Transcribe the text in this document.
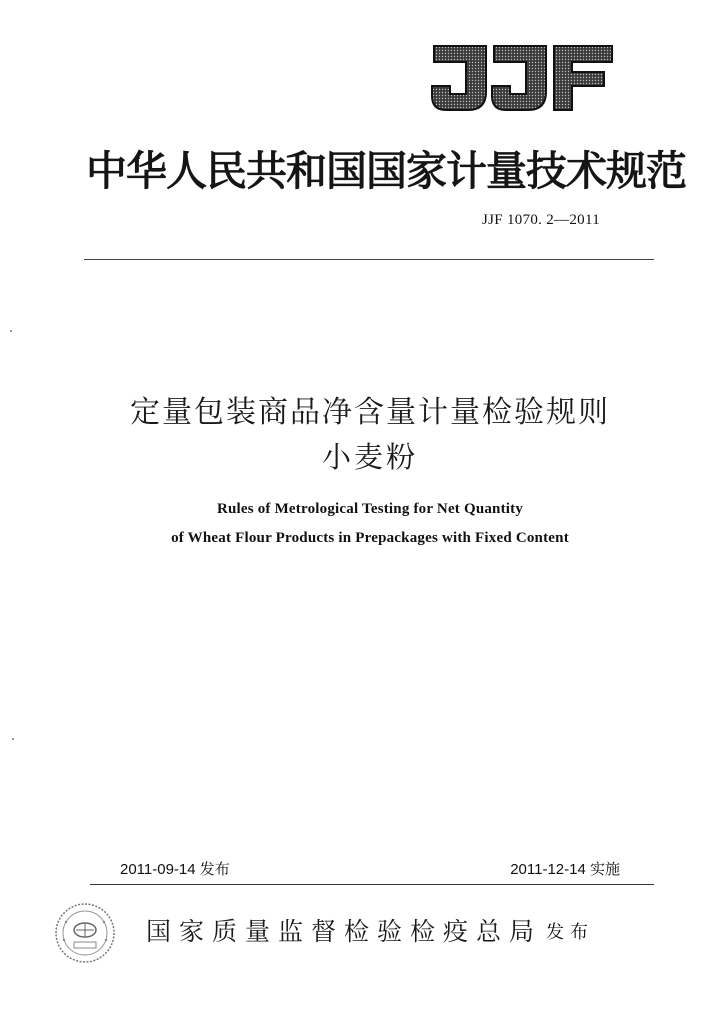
中华人民共和国国家计量技术规范
JJF 1070. 2—2011
定量包装商品净含量计量检验规则
小麦粉
Rules of Metrological Testing for Net Quantity
of Wheat Flour Products in Prepackages with Fixed Content
2011-09-14 发布	2011-12-14 实施
国家质量监督检验检疫总局 发布
